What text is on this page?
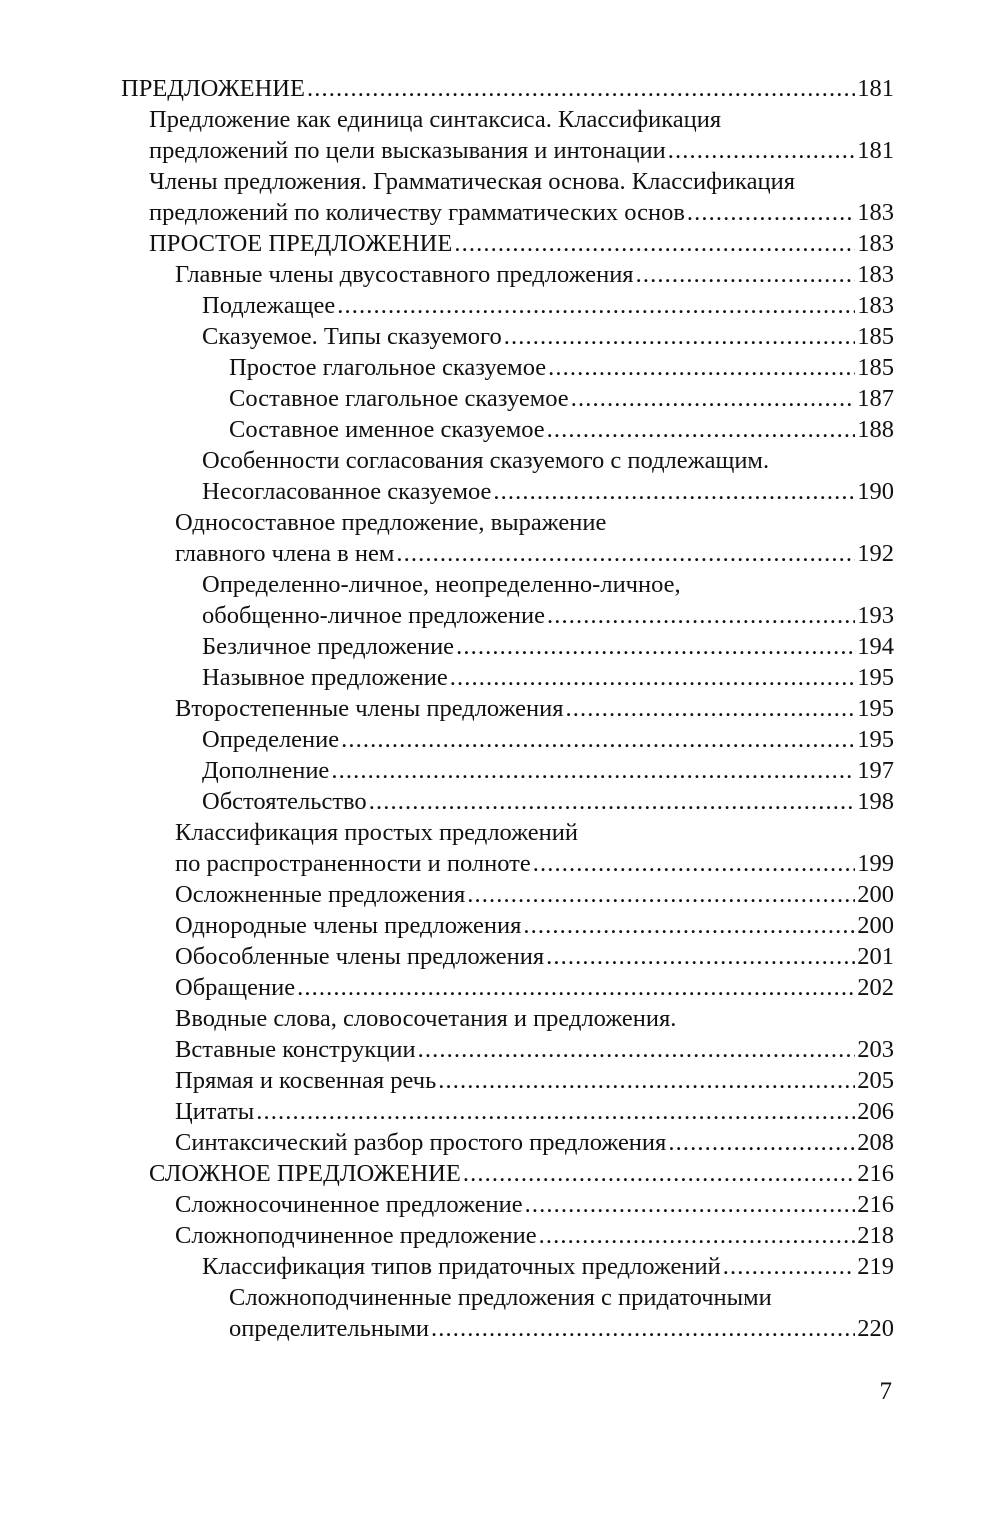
ПРЕДЛОЖЕНИЕ . . .	181
Предложение как единица синтаксиса. Классификация
предложений по цели высказывания и интонации . . .	181
Члены предложения. Грамматическая основа. Классификация
предложений по количеству грамматических основ . . .	183
ПРОСТОЕ ПРЕДЛОЖЕНИЕ . . .	183
Главные члены двусоставного предложения . . .	183
Подлежащее . . .	183
Сказуемое. Типы сказуемого . . .	185
Простое глагольное сказуемое . . .	185
Составное глагольное сказуемое . . .	187
Составное именное сказуемое . . .	188
Особенности согласования сказуемого с подлежащим.
Несогласованное сказуемое . . .	190
Односоставное предложение, выражение
главного члена в нем . . .	192
Определенно-личное, неопределенно-личное,
обобщенно-личное предложение . . .	193
Безличное предложение . . .	194
Назывное предложение . . .	195
Второстепенные члены предложения . . .	195
Определение . . .	195
Дополнение . . .	197
Обстоятельство . . .	198
Классификация простых предложений
по распространенности и полноте . . .	199
Осложненные предложения . . .	200
Однородные члены предложения . . .	200
Обособленные члены предложения . . .	201
Обращение . . .	202
Вводные слова, словосочетания и предложения.
Вставные конструкции . . .	203
Прямая и косвенная речь . . .	205
Цитаты . . .	206
Синтаксический разбор простого предложения . . .	208
СЛОЖНОЕ ПРЕДЛОЖЕНИЕ . . .	216
Сложносочиненное предложение . . .	216
Сложноподчиненное предложение . . .	218
Классификация типов придаточных предложений . . .	219
Сложноподчиненные предложения с придаточными
определительными . . .	220
7
